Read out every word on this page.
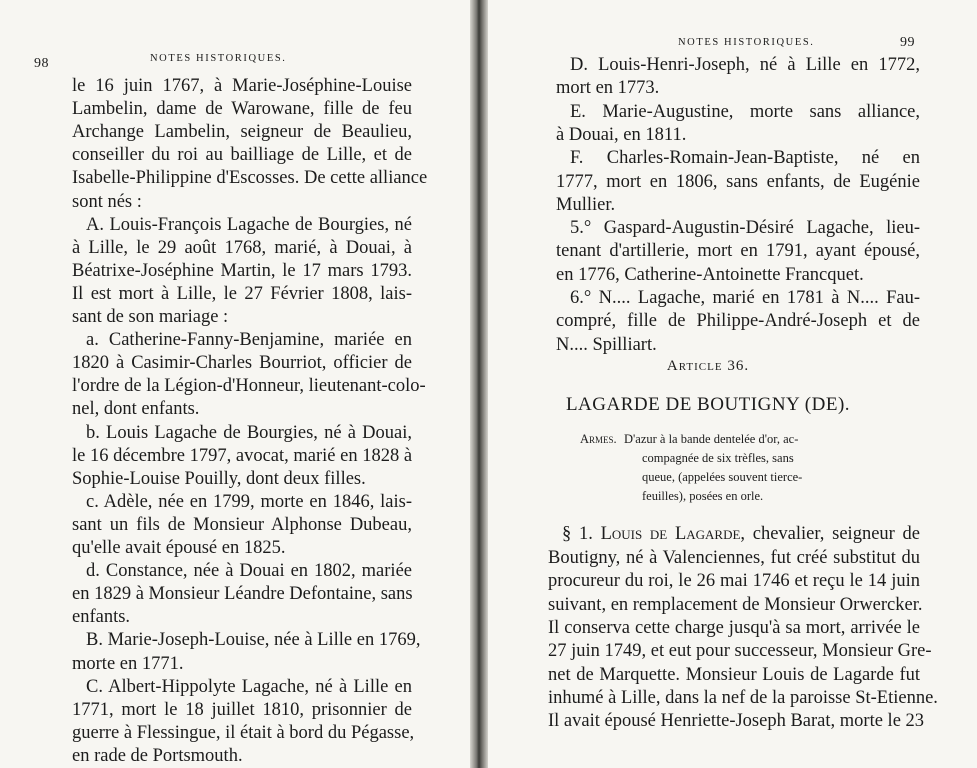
98	NOTES HISTORIQUES.
le 16 juin 1767, à Marie-Joséphine-Louise
Lambelin, dame de Warowane, fille de feu
Archange Lambelin, seigneur de Beaulieu,
conseiller du roi au bailliage de Lille, et de
Isabelle-Philippine d'Escosses. De cette alliance
sont nés :
A. Louis-François Lagache de Bourgies, né
à Lille, le 29 août 1768, marié, à Douai, à
Béatrixe-Joséphine Martin, le 17 mars 1793.
Il est mort à Lille, le 27 Février 1808, lais-
sant de son mariage :
a. Catherine-Fanny-Benjamine, mariée en
1820 à Casimir-Charles Bourriot, officier de
l'ordre de la Légion-d'Honneur, lieutenant-colo-
nel, dont enfants.
b. Louis Lagache de Bourgies, né à Douai,
le 16 décembre 1797, avocat, marié en 1828 à
Sophie-Louise Pouilly, dont deux filles.
c. Adèle, née en 1799, morte en 1846, lais-
sant un fils de Monsieur Alphonse Dubeau,
qu'elle avait épousé en 1825.
d. Constance, née à Douai en 1802, mariée
en 1829 à Monsieur Léandre Defontaine, sans
enfants.
B. Marie-Joseph-Louise, née à Lille en 1769,
morte en 1771.
C. Albert-Hippolyte Lagache, né à Lille en
1771, mort le 18 juillet 1810, prisonnier de
guerre à Flessingue, il était à bord du Pégasse,
en rade de Portsmouth.
NOTES HISTORIQUES.	99
D. Louis-Henri-Joseph, né à Lille en 1772,
mort en 1773.
E. Marie-Augustine, morte sans alliance,
à Douai, en 1811.
F. Charles-Romain-Jean-Baptiste, né en
1777, mort en 1806, sans enfants, de Eugénie
Mullier.
5.° Gaspard-Augustin-Désiré Lagache, lieu-
tenant d'artillerie, mort en 1791, ayant épousé,
en 1776, Catherine-Antoinette Francquet.
6.° N.... Lagache, marié en 1781 à N.... Fau-
compré, fille de Philippe-André-Joseph et de
N.... Spilliart.
Article 36.
LAGARDE DE BOUTIGNY (DE).
Armes. D'azur à la bande dentelée d'or, ac-
compagnée de six trèfles, sans
queue, (appelées souvent tierce-
feuilles), posées en orle.
§ 1. Louis de Lagarde, chevalier, seigneur de
Boutigny, né à Valenciennes, fut créé substitut du
procureur du roi, le 26 mai 1746 et reçu le 14 juin
suivant, en remplacement de Monsieur Orwercker.
Il conserva cette charge jusqu'à sa mort, arrivée le
27 juin 1749, et eut pour successeur, Monsieur Gre-
net de Marquette. Monsieur Louis de Lagarde fut
inhumé à Lille, dans la nef de la paroisse St-Etienne.
Il avait épousé Henriette-Joseph Barat, morte le 23
